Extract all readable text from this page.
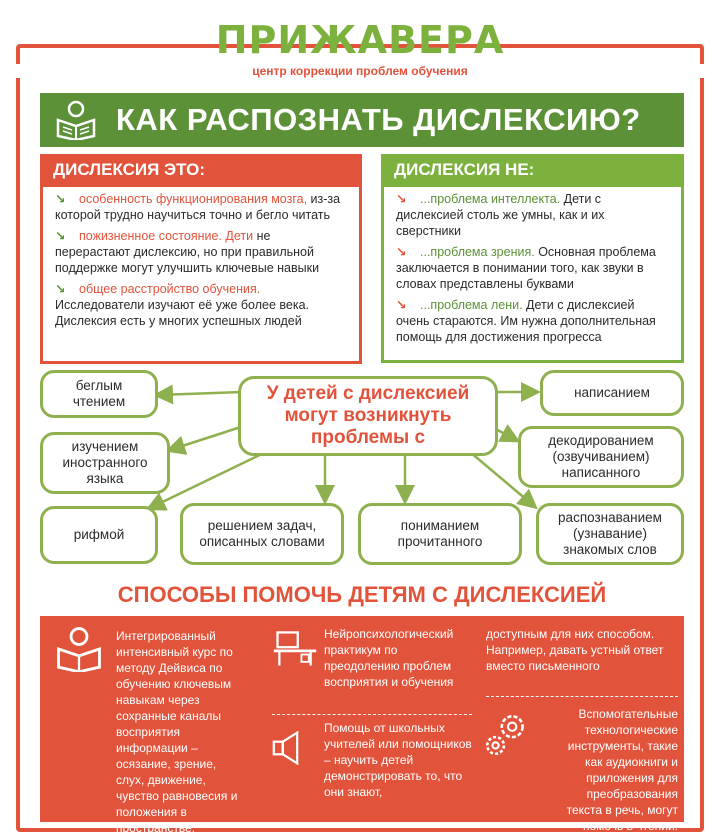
ПРИЖАВЕРА
центр коррекции проблем обучения
КАК РАСПОЗНАТЬ ДИСЛЕКСИЮ?
ДИСЛЕКСИЯ ЭТО:
↘ особенность функционирования мозга, из-за которой трудно научиться точно и бегло читать
↘ пожизненное состояние. Дети не перерастают дислексию, но при правильной поддержке могут улучшить ключевые навыки
↘ общее расстройство обучения. Исследователи изучают её уже более века. Дислексия есть у многих успешных людей
ДИСЛЕКСИЯ НЕ:
↘ ...проблема интеллекта. Дети с дислексией столь же умны, как и их сверстники
↘ ...проблема зрения. Основная проблема заключается в понимании того, как звуки в словах представлены буквами
↘ ...проблема лени. Дети с дислексией очень стараются. Им нужна дополнительная помощь для достижения прогресса
У детей с дислексией могут возникнуть проблемы с
беглым чтением
написанием
изучением иностранного языка
декодированием (озвучиванием) написанного
рифмой
решением задач, описанных словами
пониманием прочитанного
распознаванием (узнавание) знакомых слов
СПОСОБЫ ПОМОЧЬ ДЕТЯМ С ДИСЛЕКСИЕЙ
Интегрированный интенсивный курс по методу Дейвиса по обучению ключевым навыкам через сохранные каналы восприятия информации – осязание, зрение, слух, движение, чувство равновесия и положения в пространстве.
Нейропсихологический практикум по преодолению проблем восприятия и обучения
Помощь от школьных учителей или помощников – научить детей демонстрировать то, что они знают,
доступным для них способом. Например, давать устный ответ вместо письменного
Вспомогательные технологические инструменты, такие как аудиокниги и приложения для преобразования текста в речь, могут помочь в чтении.
